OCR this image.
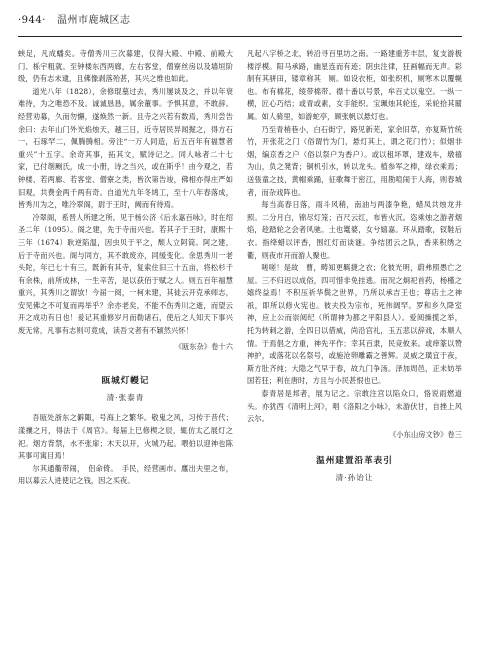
·944· 温州市鹿城区志

蛱足，凡成蟠矣。寺僧秀川三次募建，仅得大殿、中殿、前殿大门、栎宇粗就。至钟楼东西两廊，左右客堂，僧寮丝房以及墙垣阶级，仍有志未逮，且佛像剥落殆甚，其兴之维也如此。

道光八年（1828），余修琨墓过去，秀川屡谈及之，并以年衰难待，为之唯恐不及。诚诚恳恳，属余董事。予惧其意，不敢辞。经营劝募，久而勿懈，遂焕然一新。且寺之兴若有数焉，秀川尝告余曰：去年山门外光焰烛天，越三日，近寺居民异闻掘之，得方石一，石琢罕二，佩腾腾相。旁注“一万人同造，后五百年有福慧者重兴”十五字。余奇其事，拓其文，赋诗记之。同人咏者二十七家，已付剞劂氏，成一小册，诗之当兴，或在斯乎！由今观之，若钟楼、若两廊、若客堂、僧寮之类，皆次第告竣，佛相亦得庄严如旧观，共费金两千两有奇。自道光九年冬鸠工，至十八年春落成，皆秀川为之，唯冷翠阁，尉于王时，阙而有待焉。

冷翠阁，系晋人所建之所。见于杨公济《后永嘉百咏》，时在绍圣二年（1095）。阁之建，先于寺而兴也。若其子于王时，康熙十三年（1674）耿逆陷温，因虫贝于平之，颓人立阿筒。阿之建，后于寺而兴也。阁与同方，其不敢废亦，同缓变化。余思秀川一老头陀，年已七十有三，既新有其寺，复索住旧三十五亩，将松杉千有余株，前所成林，一生辛苦，是以获佰于赋之人。则五百年福慧重兴，其秀川之谓欤！今届一阅，一柯未建，其徒云开克承师志，安见佛之不可复而再举乎？余亦老矣，不能不伤秀川之逝，而望云开之成功有日也！爰记其重修岁月而勒诸石，使后之人知天下事兴废无常，凡事有志则可竟成，读吾文者有不颖然兴怀！

《瓯东杂》卷十六
瓯城灯幔记
清·张泰青

吾瓯处浙东之僻陬，号海上之繁华。敬鬼之风，习传于昔代；漾禳之月，得法于《周官》。每届上巳修楔之辰，辄仿太乙展灯之祀。烟方背禁，水不张扉；木天以开，火城乃起。喂伯以迎神也陈其事可寓目焉！

尔其通衢带闹，　侣命倚。　手民，经营画市。廛出夫里之布，用以募云人进使记之钱，因之买夜。

凡起八字桥之北，转沿寻百里坊之南。一路建重芳丰层，复支游极楼浮模。阳马承路，幽星连而有迹；阴虫注律，狂画幅而无声。彩制有其骈田，镂章称其　厕。如设衣柜，如张织机，厕寒木以覆幌也。布有棉花，绫带棉带。襟十番以号景，牟百丈以鬼空。一纵一横，匠心巧结；或青或素，女手能织。宝珮烛其轮连，采轮拾其罽属。如人骑里，如游蛇亭，顾张帆以悬灯也。

乃至青梢巷小，白石街宁，路见新芜，家余旧草，亦复斯竹统竹，开张花之门（俗谓竹为门，悬灯其上，谓之花门竹）；似烟非烟，编京香之户（俗以祭户为香户）。或以租坏罩，建戏车，墩禧为山，负之凳背；铜机引水，转以龙头。植参军之棒，绿衣乘焉；送張童之技，黄帽乘踊，征歌舞于密江，用勘喧闹于人海，则春城者，而杂戏阵也。

每当高春日落，雨斗风稍，南油与两漆争艳，蜡凤共烛龙并照。二分月白，锦尽灯笼；百尺云红，布皆火沉。恣乘烛之游者烟焰，趁踏轮之会者风驰。土也鼍婆，女兮嬉嘉。环从踏歌，钗鞋后衣。指绛蜡以评香，围红灯而谈谜。争结团云之队，香来积绣之衢，则夜市开而游人聚也。

嗟嗟！是故　曹，畴知更羁捷之衣；化彼光明，蔚弗照愚亡之屋。三不归迟以成俗，四可惜非免挂逃。而况之炯祀首药，杨槿之嬉终益焉！不积压祈华鬓之世界，乃所以承吉王也；尊店土之神祇，即所以修火宪也。彼夫投为宗布，死伟阔罕。罗和乡久降室神，应上公而崇阅纪（所谓神为都之平阳县人）。爱阅操揽之举，托为转刺之游，全四日以借威，尚沿宫礼，玉五悲以辞戏，本顺人情。于焉倡之方重，神先平作；幸其百隶，民竞攸来。或痒篆以赞神护，或落花以名祭号，或施沧卵雕霸之善辉。灵威之璜宜于夜，斯方肚齐纯；大隐之气早于春，故九门争汤。泽加周邑，正未妨举国若狂；利在唐时，方且与小民甚恨也已。

泰青居是邦者，展为记之。宗敢注宫以陷众口，恪说雨燃道头。亦犹西《清明上河》，唱《洛阳之小咏》，未游伏甘，自挫上风云尔。

《小东山房文钞》卷三
温州建置沿革表引
清·孙诒让
